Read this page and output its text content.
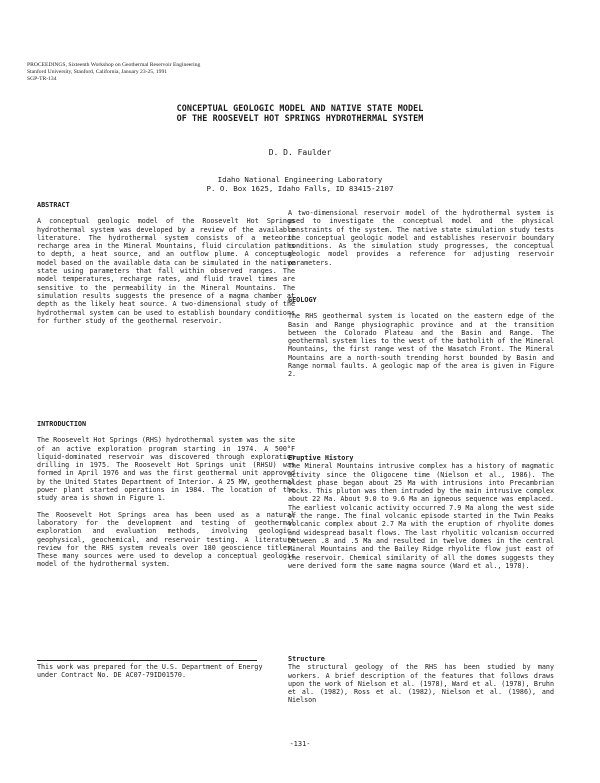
PROCEEDINGS, Sixteenth Workshop on Geothermal Reservoir Engineering
Stanford University, Stanford, California, January 23-25, 1991
SGP-TR-134
CONCEPTUAL GEOLOGIC MODEL AND NATIVE STATE MODEL
OF THE ROOSEVELT HOT SPRINGS HYDROTHERMAL SYSTEM
D. D. Faulder
Idaho National Engineering Laboratory
P. O. Box 1625, Idaho Falls, ID 83415-2107
ABSTRACT

A conceptual geologic model of the Roosevelt Hot Springs hydrothermal system was developed by a review of the available literature. The hydrothermal system consists of a meteoric recharge area in the Mineral Mountains, fluid circulation paths to depth, a heat source, and an outflow plume. A conceptual model based on the available data can be simulated in the native state using parameters that fall within observed ranges. The model temperatures, recharge rates, and fluid travel times are sensitive to the permeability in the Mineral Mountains. The simulation results suggests the presence of a magma chamber at depth as the likely heat source. A two-dimensional study of the hydrothermal system can be used to establish boundary conditions for further study of the geothermal reservoir.

INTRODUCTION

The Roosevelt Hot Springs (RHS) hydrothermal system was the site of an active exploration program starting in 1974. A 500°F liquid-dominated reservoir was discovered through exploration drilling in 1975. The Roosevelt Hot Springs unit (RHSU) was formed in April 1976 and was the first geothermal unit approved by the United States Department of Interior. A 25 MW, geothermal power plant started operations in 1984. The location of the study area is shown in Figure 1.

The Roosevelt Hot Springs area has been used as a natural laboratory for the development and testing of geothermal exploration and evaluation methods, involving geologic, geophysical, geochemical, and reservoir testing. A literature review for the RHS system reveals over 180 geoscience titles. These many sources were used to develop a conceptual geologic model of the hydrothermal system.

This work was prepared for the U.S. Department of Energy under Contract No. DE AC07-79ID01570.

A two-dimensional reservoir model of the hydrothermal system is used to investigate the conceptual model and the physical constraints of the system. The native state simulation study tests the conceptual geologic model and establishes reservoir boundary conditions. As the simulation study progresses, the conceptual geologic model provides a reference for adjusting reservoir parameters.

GEOLOGY

The RHS geothermal system is located on the eastern edge of the Basin and Range physiographic province and at the transition between the Colorado Plateau and the Basin and Range. The geothermal system lies to the west of the batholith of the Mineral Mountains, the first range west of the Wasatch Front. The Mineral Mountains are a north-south trending horst bounded by Basin and Range normal faults. A geologic map of the area is given in Figure 2.

Eruptive History

The Mineral Mountains intrusive complex has a history of magmatic activity since the Oligocene time (Nielson et al., 1986). The oldest phase began about 25 Ma with intrusions into Precambrian rocks. This pluton was then intruded by the main intrusive complex about 22 Ma. About 9.0 to 9.6 Ma an igneous sequence was emplaced. The earliest volcanic activity occurred 7.9 Ma along the west side of the range. The final volcanic episode started in the Twin Peaks volcanic complex about 2.7 Ma with the eruption of rhyolite domes and widespread basalt flows. The last rhyolitic volcanism occurred between .8 and .5 Ma and resulted in twelve domes in the central Mineral Mountains and the Bailey Ridge rhyolite flow just east of the reservoir. Chemical similarity of all the domes suggests they were derived form the same magma source (Ward et al., 1978).

Structure

The structural geology of the RHS has been studied by many workers. A brief description of the features that follows draws upon the work of Nielson et al. (1978), Ward et al. (1978), Bruhn et al. (1982), Ross et al. (1982), Nielson et al. (1986), and Nielson

-131-
